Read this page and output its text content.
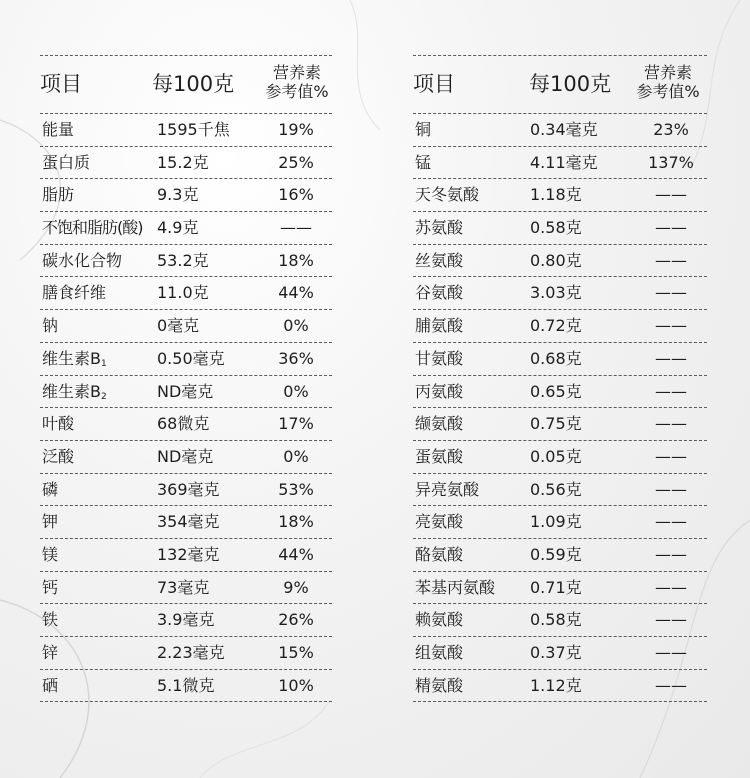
项目	每100克	营养素
参考值%
能量	1595千焦	19%
蛋白质	15.2克	25%
脂肪	9.3克	16%
不饱和脂肪(酸) 4.9克	——
碳水化合物 53.2克	18%
膳食纤维	11.0克	44%
钠	0毫克	0%
维生素$B_1$	0.50毫克	36%
维生素$B_2$	ND毫克	0%
叶酸	68微克	17%
泛酸	ND毫克	0%
磷	369毫克	53%
钾	354毫克	18%
镁	132毫克	44%
钙	73毫克	9%
铁	3.9毫克	26%
锌	2.23毫克	15%
硒	5.1微克	10%
项目	每100克	营养素
参考值%
铜	0.34毫克	23%
锰	4.11毫克	137%
天冬氨酸	1.18克	——
苏氨酸	0.58克	——
丝氨酸	0.80克	——
谷氨酸	3.03克	——
脯氨酸	0.72克	——
甘氨酸	0.68克	——
丙氨酸	0.65克	——
缬氨酸	0.75克	——
蛋氨酸	0.05克	——
异亮氨酸	0.56克	——
亮氨酸	1.09克	——
酪氨酸	0.59克	——
苯基丙氨酸 0.71克	——
赖氨酸	0.58克	——
组氨酸	0.37克	——
精氨酸	1.12克	——
